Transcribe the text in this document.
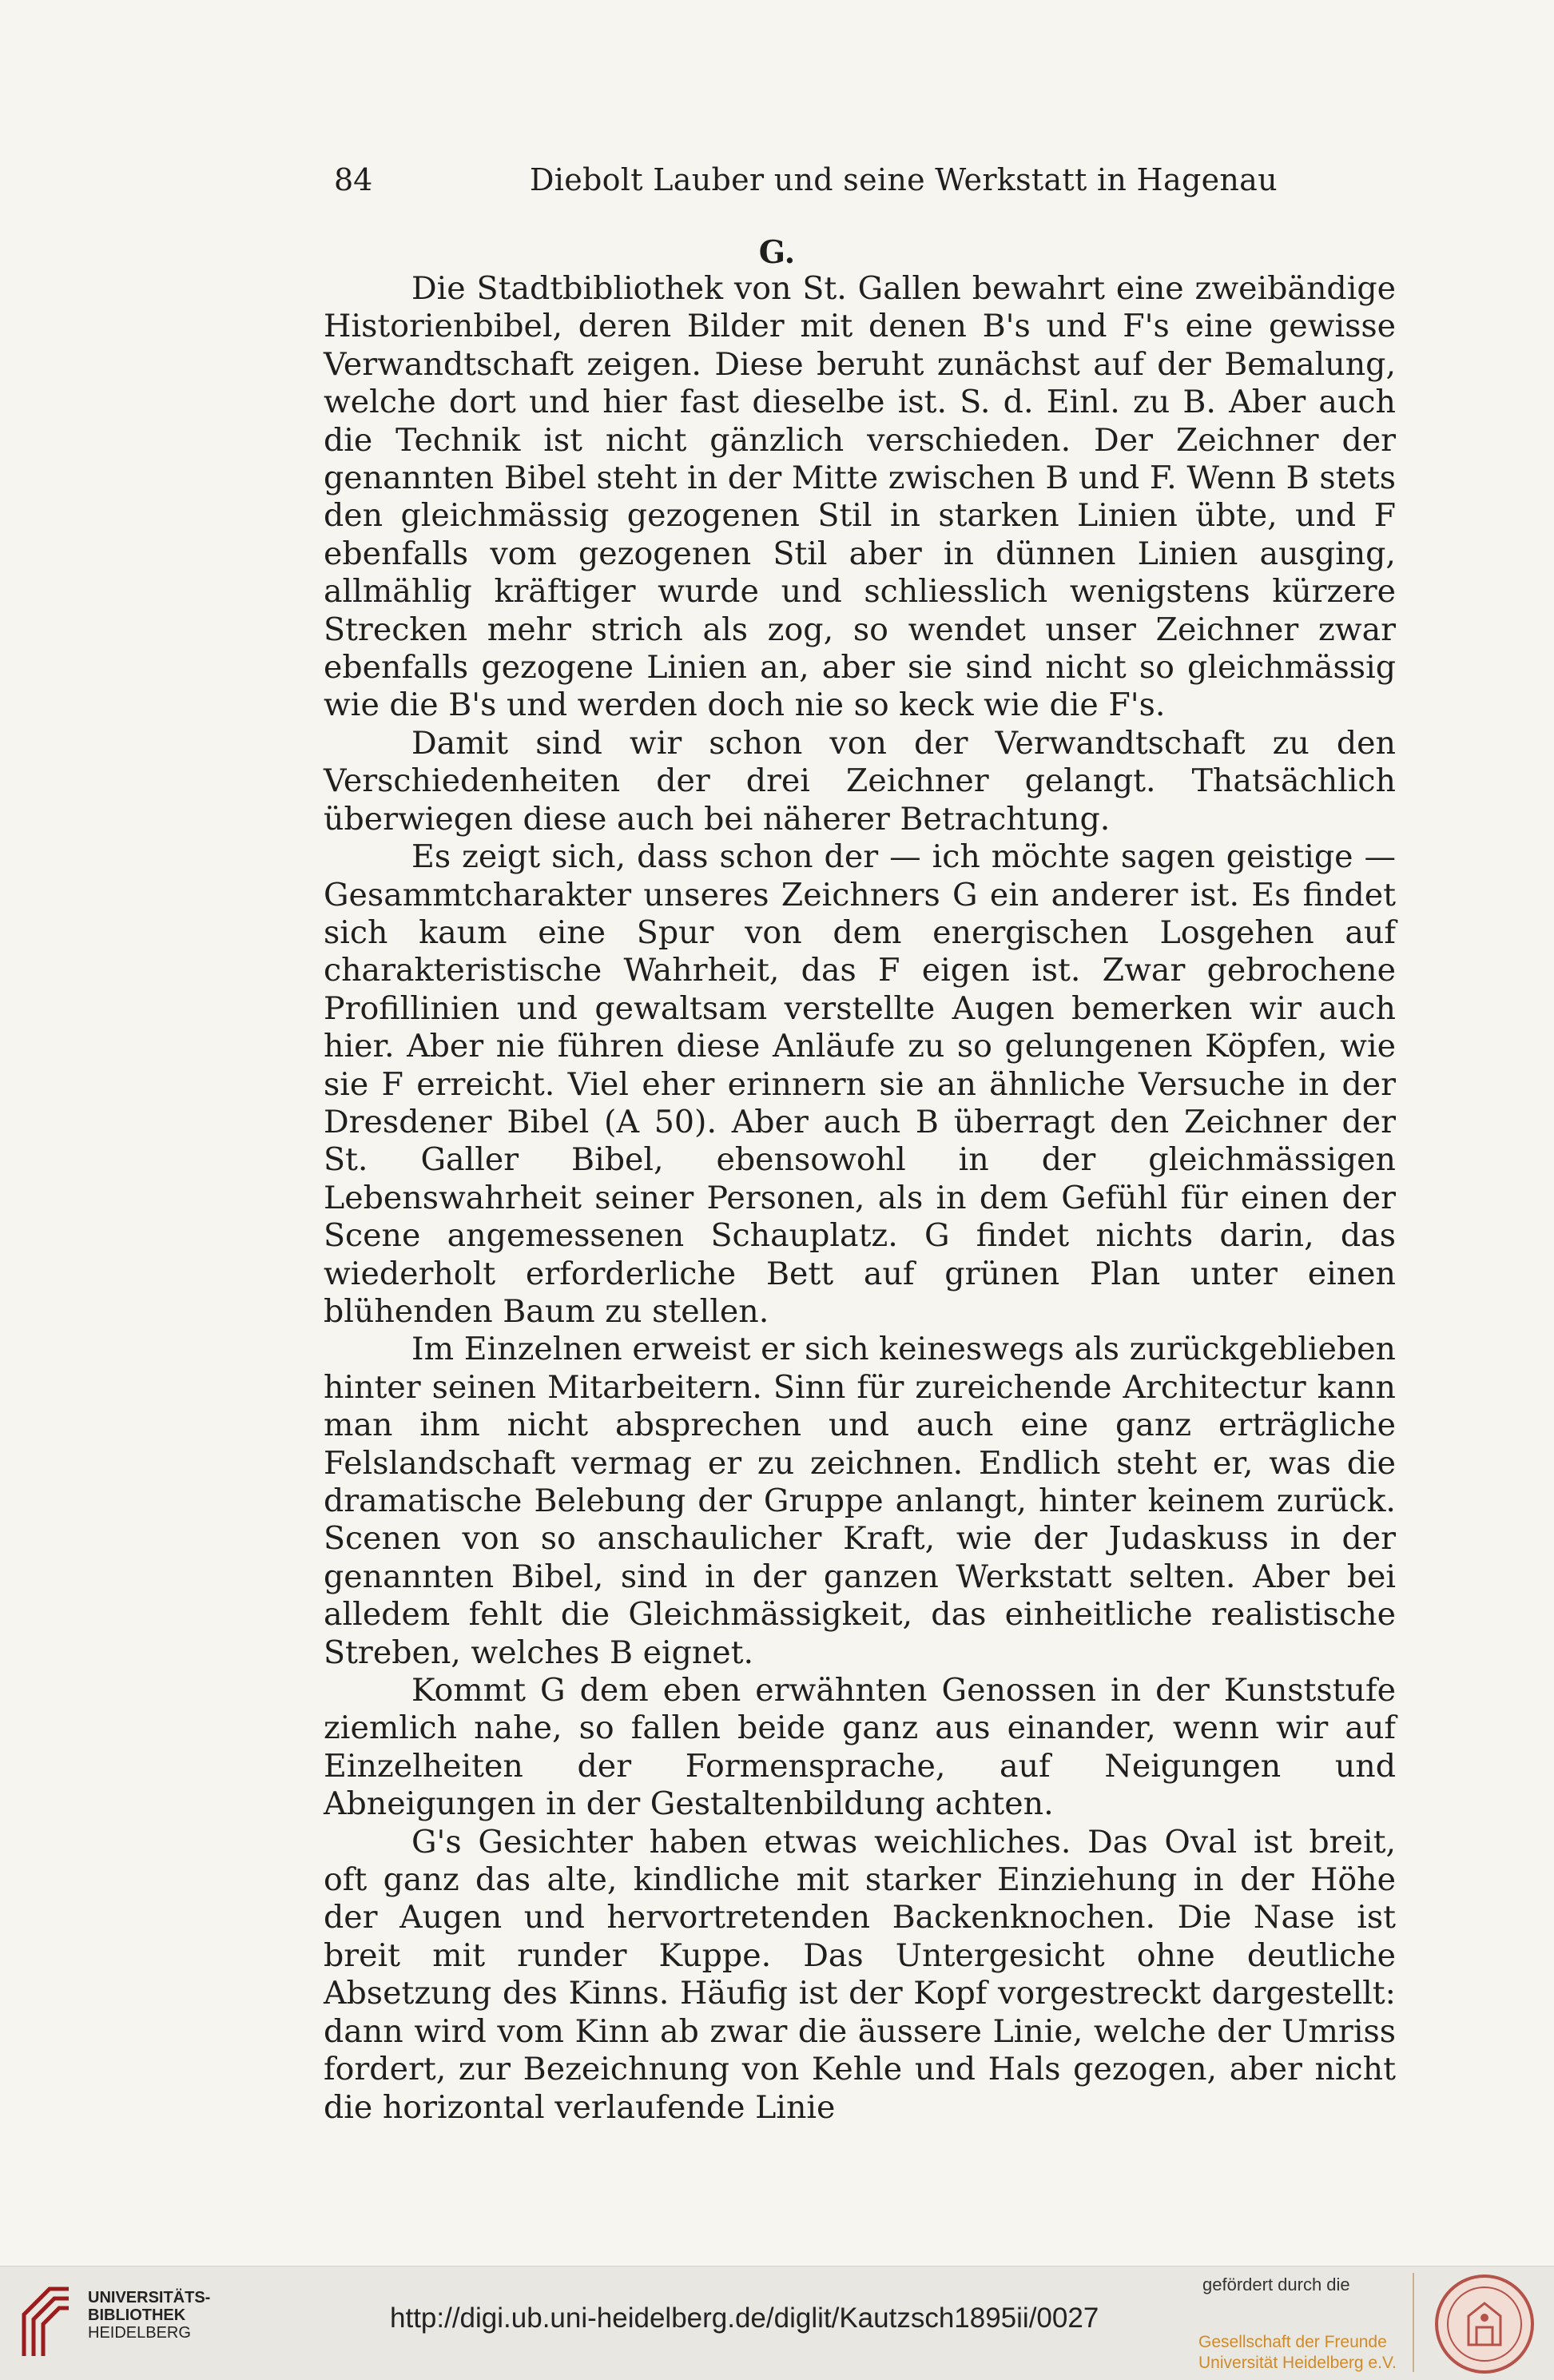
84	Diebolt Lauber und seine Werkstatt in Hagenau
G.

Die Stadtbibliothek von St. Gallen bewahrt eine zweibändige Historienbibel, deren Bilder mit denen B's und F's eine gewisse Verwandtschaft zeigen. Diese beruht zunächst auf der Bemalung, welche dort und hier fast dieselbe ist. S. d. Einl. zu B. Aber auch die Technik ist nicht gänzlich verschieden. Der Zeichner der genannten Bibel steht in der Mitte zwischen B und F. Wenn B stets den gleichmässig gezogenen Stil in starken Linien übte, und F ebenfalls vom gezogenen Stil aber in dünnen Linien ausging, allmählig kräftiger wurde und schliesslich wenigstens kürzere Strecken mehr strich als zog, so wendet unser Zeichner zwar ebenfalls gezogene Linien an, aber sie sind nicht so gleichmässig wie die B's und werden doch nie so keck wie die F's.

Damit sind wir schon von der Verwandtschaft zu den Verschiedenheiten der drei Zeichner gelangt. Thatsächlich überwiegen diese auch bei näherer Betrachtung.

Es zeigt sich, dass schon der — ich möchte sagen geistige — Gesammtcharakter unseres Zeichners G ein anderer ist. Es findet sich kaum eine Spur von dem energischen Losgehen auf charakteristische Wahrheit, das F eigen ist. Zwar gebrochene Profillinien und gewaltsam verstellte Augen bemerken wir auch hier. Aber nie führen diese Anläufe zu so gelungenen Köpfen, wie sie F erreicht. Viel eher erinnern sie an ähnliche Versuche in der Dresdener Bibel (A 50). Aber auch B überragt den Zeichner der St. Galler Bibel, ebensowohl in der gleichmässigen Lebenswahrheit seiner Personen, als in dem Gefühl für einen der Scene angemessenen Schauplatz. G findet nichts darin, das wiederholt erforderliche Bett auf grünen Plan unter einen blühenden Baum zu stellen.

Im Einzelnen erweist er sich keineswegs als zurückgeblieben hinter seinen Mitarbeitern. Sinn für zureichende Architectur kann man ihm nicht absprechen und auch eine ganz erträgliche Felslandschaft vermag er zu zeichnen. Endlich steht er, was die dramatische Belebung der Gruppe anlangt, hinter keinem zurück. Scenen von so anschaulicher Kraft, wie der Judaskuss in der genannten Bibel, sind in der ganzen Werkstatt selten. Aber bei alledem fehlt die Gleichmässigkeit, das einheitliche realistische Streben, welches B eignet.

Kommt G dem eben erwähnten Genossen in der Kunststufe ziemlich nahe, so fallen beide ganz aus einander, wenn wir auf Einzelheiten der Formensprache, auf Neigungen und Abneigungen in der Gestaltenbildung achten.

G's Gesichter haben etwas weichliches. Das Oval ist breit, oft ganz das alte, kindliche mit starker Einziehung in der Höhe der Augen und hervortretenden Backenknochen. Die Nase ist breit mit runder Kuppe. Das Untergesicht ohne deutliche Absetzung des Kinns. Häufig ist der Kopf vorgestreckt dargestellt: dann wird vom Kinn ab zwar die äussere Linie, welche der Umriss fordert, zur Bezeichnung von Kehle und Hals gezogen, aber nicht die horizontal verlaufende Linie

UNIVERSITÄTS-
BIBLIOTHEK
HEIDELBERG	http://digi.ub.uni-heidelberg.de/diglit/Kautzsch1895ii/0027
gefördert durch die
Gesellschaft der Freunde
Universität Heidelberg e.V.
